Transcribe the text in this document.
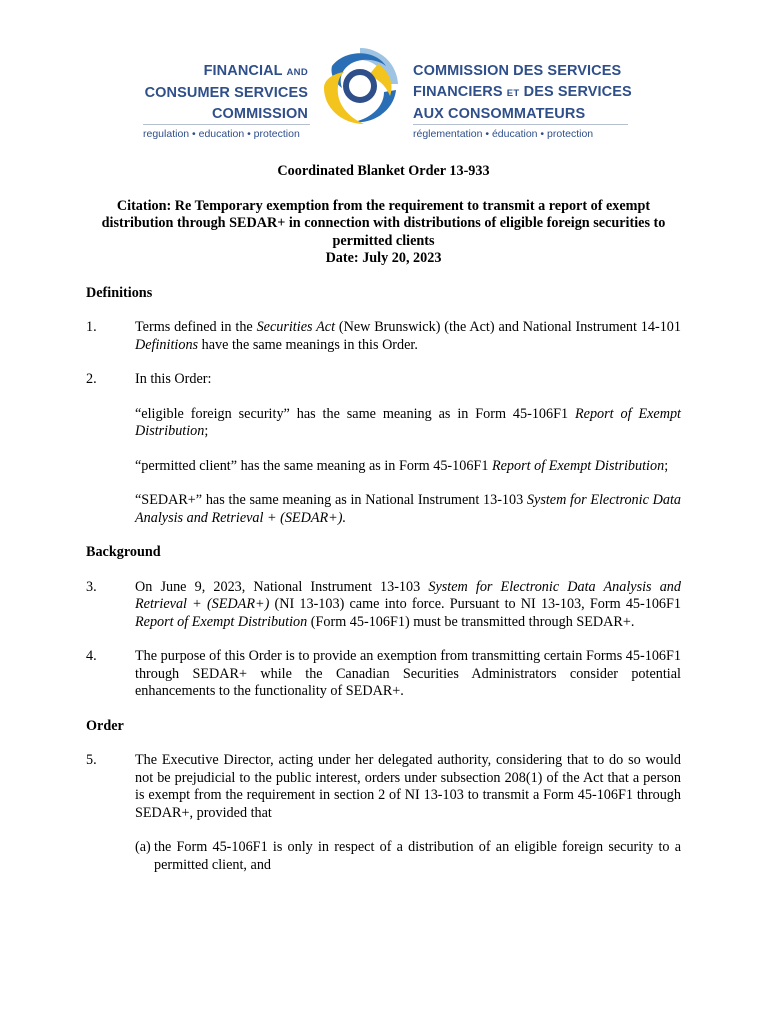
FINANCIAL AND
CONSUMER SERVICES
COMMISSION
regulation • education • protection
COMMISSION DES SERVICES
FINANCIERS ET DES SERVICES
AUX CONSOMMATEURS
réglementation • éducation • protection

Coordinated Blanket Order 13-933

Citation: Re Temporary exemption from the requirement to transmit a report of exempt distribution through SEDAR+ in connection with distributions of eligible foreign securities to permitted clients

Date: July 20, 2023

Definitions

1.	Terms defined in the Securities Act (New Brunswick) (the Act) and National Instrument 14-101 Definitions have the same meanings in this Order.

2.	In this Order:

“eligible foreign security” has the same meaning as in Form 45-106F1 Report of Exempt Distribution;

“permitted client” has the same meaning as in Form 45-106F1 Report of Exempt Distribution;

“SEDAR+” has the same meaning as in National Instrument 13-103 System for Electronic Data Analysis and Retrieval + (SEDAR+).

Background

3.	On June 9, 2023, National Instrument 13-103 System for Electronic Data Analysis and Retrieval + (SEDAR+) (NI 13-103) came into force. Pursuant to NI 13-103, Form 45-106F1 Report of Exempt Distribution (Form 45-106F1) must be transmitted through SEDAR+.

4.	The purpose of this Order is to provide an exemption from transmitting certain Forms 45-106F1 through SEDAR+ while the Canadian Securities Administrators consider potential enhancements to the functionality of SEDAR+.

Order

5.	The Executive Director, acting under her delegated authority, considering that to do so would not be prejudicial to the public interest, orders under subsection 208(1) of the Act that a person is exempt from the requirement in section 2 of NI 13-103 to transmit a Form 45-106F1 through SEDAR+, provided that

(a) the Form 45-106F1 is only in respect of a distribution of an eligible foreign security to a permitted client, and
